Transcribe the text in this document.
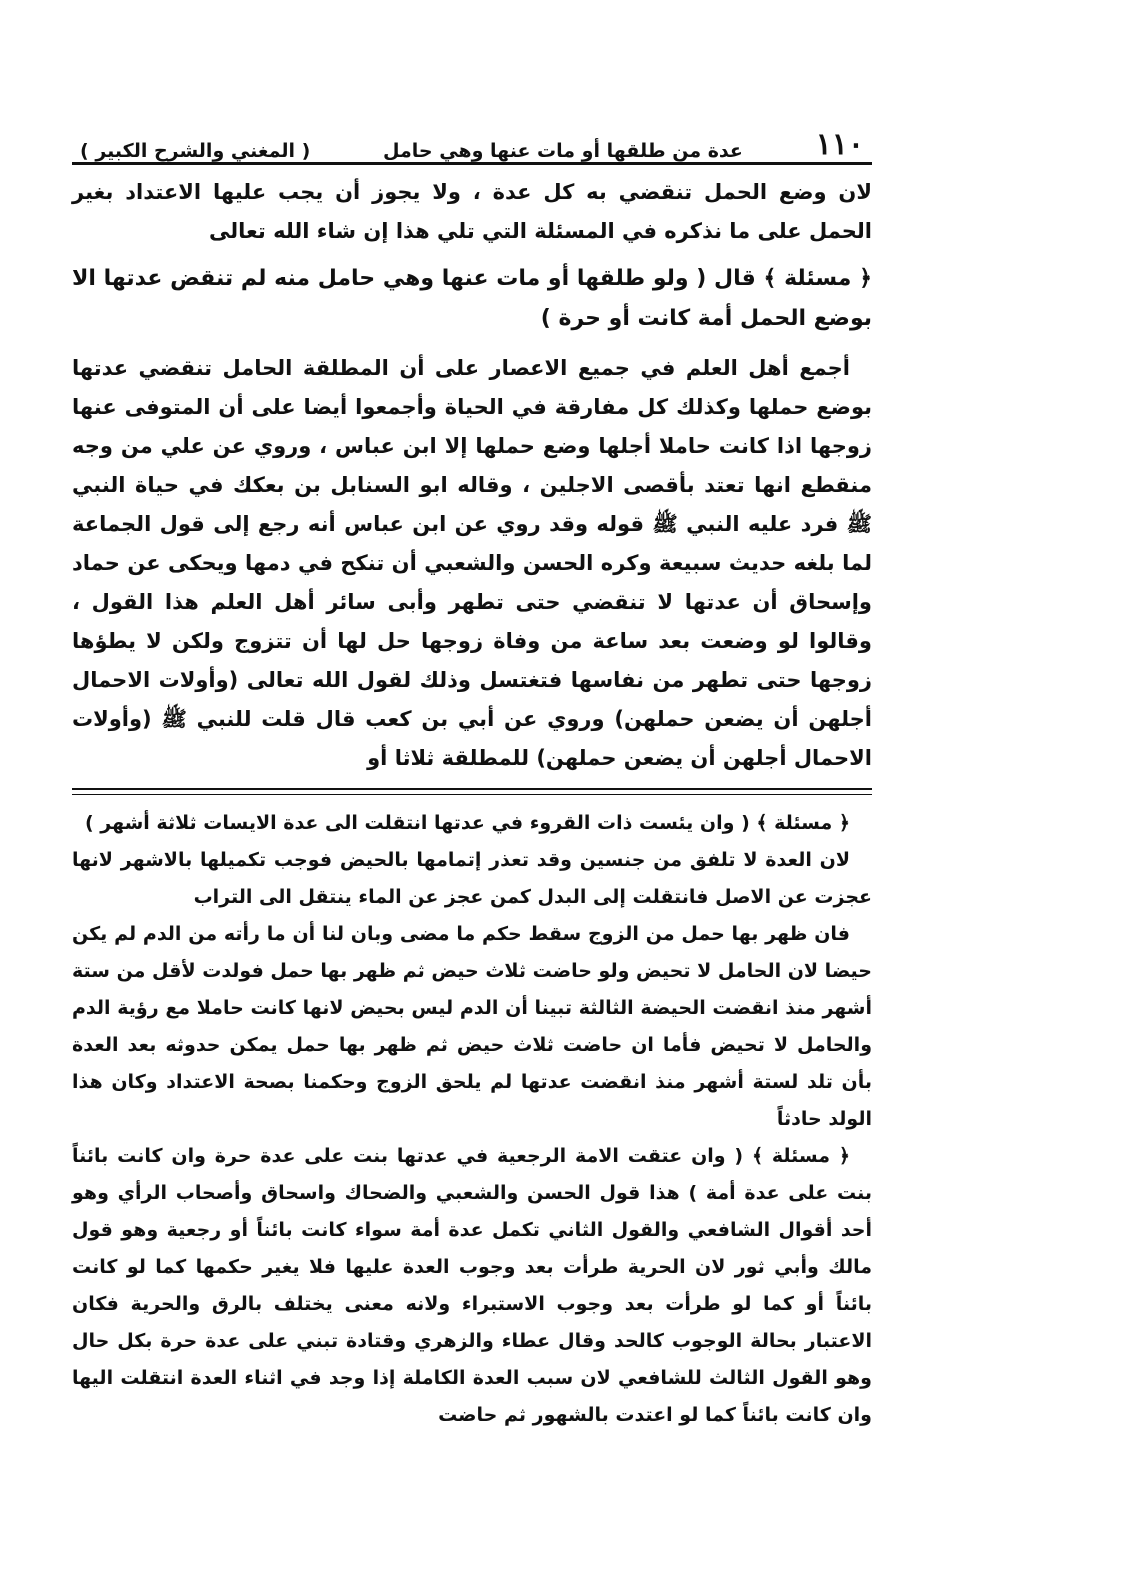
١١٠
عدة من طلقها أو مات عنها وهي حامل
( المغني والشرح الكبير )

لان وضع الحمل تنقضي به كل عدة ، ولا يجوز أن يجب عليها الاعتداد بغير الحمل على ما نذكره في المسئلة التي تلي هذا إن شاء الله تعالى

﴿ مسئلة ﴾ قال ( ولو طلقها أو مات عنها وهي حامل منه لم تنقض عدتها الا بوضع الحمل أمة كانت أو حرة )

أجمع أهل العلم في جميع الاعصار على أن المطلقة الحامل تنقضي عدتها بوضع حملها وكذلك كل مفارقة في الحياة وأجمعوا أيضا على أن المتوفى عنها زوجها اذا كانت حاملا أجلها وضع حملها إلا ابن عباس ، وروي عن علي من وجه منقطع انها تعتد بأقصى الاجلين ، وقاله ابو السنابل بن بعكك في حياة النبي ﷺ فرد عليه النبي ﷺ قوله وقد روي عن ابن عباس أنه رجع إلى قول الجماعة لما بلغه حديث سبيعة وكره الحسن والشعبي أن تنكح في دمها ويحكى عن حماد وإسحاق أن عدتها لا تنقضي حتى تطهر وأبى سائر أهل العلم هذا القول ، وقالوا لو وضعت بعد ساعة من وفاة زوجها حل لها أن تتزوج ولكن لا يطؤها زوجها حتى تطهر من نفاسها فتغتسل وذلك لقول الله تعالى (وأولات الاحمال أجلهن أن يضعن حملهن) وروي عن أبي بن كعب قال قلت للنبي ﷺ (وأولات الاحمال أجلهن أن يضعن حملهن) للمطلقة ثلاثا أو

﴿ مسئلة ﴾ ( وان يئست ذات القروء في عدتها انتقلت الى عدة الايسات ثلاثة أشهر )

لان العدة لا تلفق من جنسين وقد تعذر إتمامها بالحيض فوجب تكميلها بالاشهر لانها عجزت عن الاصل فانتقلت إلى البدل كمن عجز عن الماء ينتقل الى التراب

فان ظهر بها حمل من الزوج سقط حكم ما مضى وبان لنا أن ما رأته من الدم لم يكن حيضا لان الحامل لا تحيض ولو حاضت ثلاث حيض ثم ظهر بها حمل فولدت لأقل من ستة أشهر منذ انقضت الحيضة الثالثة تبينا أن الدم ليس بحيض لانها كانت حاملا مع رؤية الدم والحامل لا تحيض فأما ان حاضت ثلاث حيض ثم ظهر بها حمل يمكن حدوثه بعد العدة بأن تلد لستة أشهر منذ انقضت عدتها لم يلحق الزوج وحكمنا بصحة الاعتداد وكان هذا الولد حادثاً

﴿ مسئلة ﴾ ( وان عتقت الامة الرجعية في عدتها بنت على عدة حرة وان كانت بائناً بنت على عدة أمة ) هذا قول الحسن والشعبي والضحاك واسحاق وأصحاب الرأي وهو أحد أقوال الشافعي والقول الثاني تكمل عدة أمة سواء كانت بائناً أو رجعية وهو قول مالك وأبي ثور لان الحرية طرأت بعد وجوب العدة عليها فلا يغير حكمها كما لو كانت بائناً أو كما لو طرأت بعد وجوب الاستبراء ولانه معنى يختلف بالرق والحرية فكان الاعتبار بحالة الوجوب كالحد وقال عطاء والزهري وقتادة تبني على عدة حرة بكل حال وهو القول الثالث للشافعي لان سبب العدة الكاملة إذا وجد في اثناء العدة انتقلت اليها وان كانت بائناً كما لو اعتدت بالشهور ثم حاضت
